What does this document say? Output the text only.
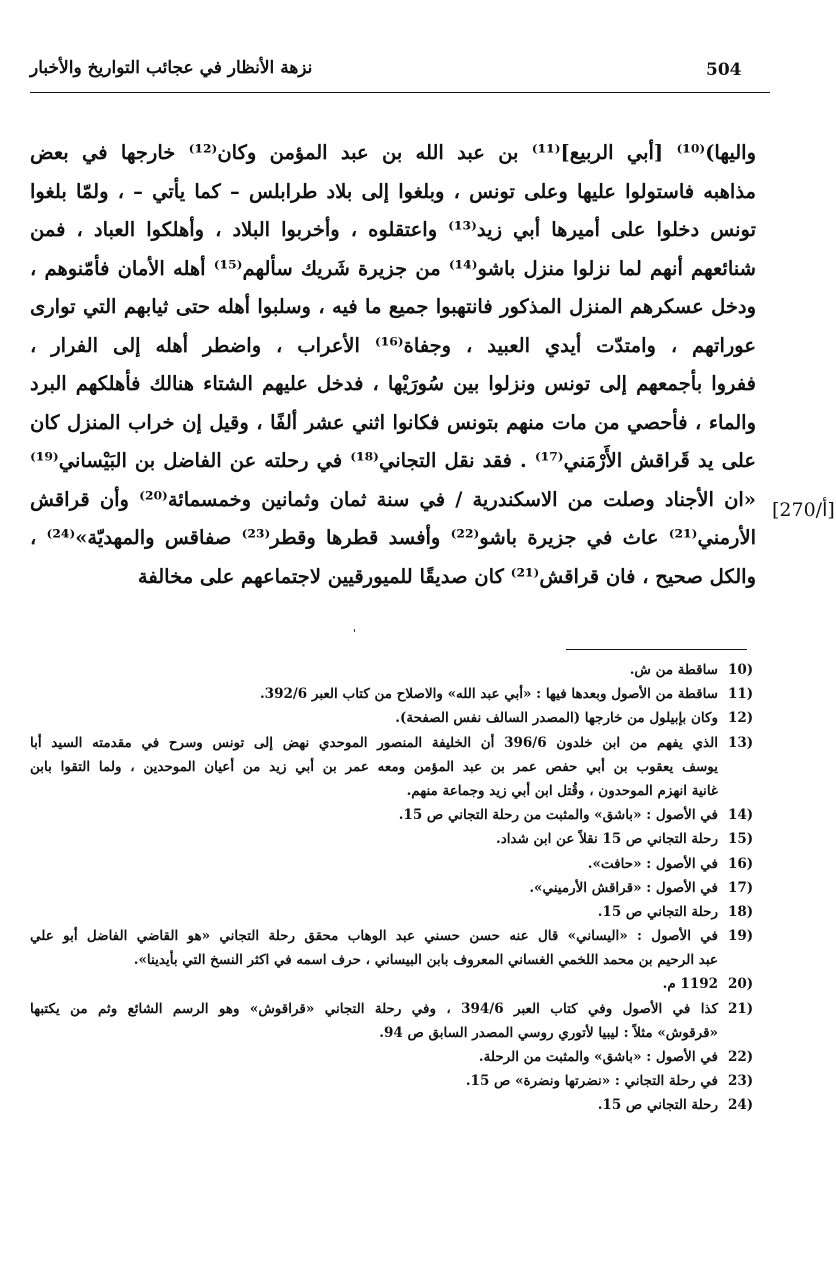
504
نزهة الأنظار في عجائب التواريخ والأخبار
[270/أ]
واليها)⁽¹⁰⁾ [أبي الربيع]⁽¹¹⁾ بن عبد الله بن عبد المؤمن وكان⁽¹²⁾ خارجها في بعض
مذاهبه فاستولوا عليها وعلى تونس ، وبلغوا إلى بلاد طرابلس – كما يأتي – ، ولمّا بلغوا
تونس دخلوا على أميرها أبي زيد⁽¹³⁾ واعتقلوه ، وأخربوا البلاد ، وأهلكوا العباد ، فمن
شنائعهم أنهم لما نزلوا منزل باشو⁽¹⁴⁾ من جزيرة شَريك سألهم⁽¹⁵⁾ أهله الأمان فأمّنوهم ،
ودخل عسكرهم المنزل المذكور فانتهبوا جميع ما فيه ، وسلبوا أهله حتى ثيابهم التي توارى
عوراتهم ، وامتدّت أيدي العبيد ، وجفاة⁽¹⁶⁾ الأعراب ، واضطر أهله إلى الفرار ،
ففروا بأجمعهم إلى تونس ونزلوا بين سُورَيْها ، فدخل عليهم الشتاء هنالك فأهلكهم البرد
والماء ، فأحصي من مات منهم بتونس فكانوا اثني عشر ألفًا ، وقيل إن خراب المنزل كان
على يد قَراقش الأَرْمَني⁽¹⁷⁾ . فقد نقل التجاني⁽¹⁸⁾ في رحلته عن الفاضل بن البَيْساني⁽¹⁹⁾
«ان الأجناد وصلت من الاسكندرية / في سنة ثمان وثمانين وخمسمائة⁽²⁰⁾ وأن قراقش
الأرمني⁽²¹⁾ عاث في جزيرة باشو⁽²²⁾ وأفسد قطرها وقطر⁽²³⁾ صفاقس والمهديّة»⁽²⁴⁾ ،
والكل صحيح ، فان قراقش⁽²¹⁾ كان صديقًا للميورقيين لاجتماعهم على مخالفة
'
10)
ساقطة من ش.
11)
ساقطة من الأصول وبعدها فيها : «أبي عبد الله» والاصلاح من كتاب العبر 392/6.
12)
وكان بإبيلول من خارجها (المصدر السالف نفس الصفحة).
13)
الذي يفهم من ابن خلدون 396/6 أن الخليفة المنصور الموحدي نهض إلى تونس وسرح في مقدمته السيد أبا
يوسف يعقوب بن أبي حفص عمر بن عبد المؤمن ومعه عمر بن أبي زيد من أعيان الموحدين ، ولما التقوا بابن
غانية انهزم الموحدون ، وقُتل ابن أبي زيد وجماعة منهم.
14)
في الأصول : «باشق» والمثبت من رحلة التجاني ص 15.
15)
رحلة التجاني ص 15 نقلاً عن ابن شداد.
16)
في الأصول : «حافت».
17)
في الأصول : «قراقش الأرميني».
18)
رحلة التجاني ص 15.
19)
في الأصول : «اليساني» قال عنه حسن حسني عبد الوهاب محقق رحلة التجاني «هو القاضي الفاضل أبو علي
عبد الرحيم بن محمد اللخمي الغساني المعروف بابن البيساني ، حرف اسمه في اكثر النسخ التي بأيدينا».
20)
1192 م.
21)
كذا في الأصول وفي كتاب العبر 394/6 ، وفي رحلة التجاني «قراقوش» وهو الرسم الشائع وثم من يكتبها
«قرقوش» مثلاً : ليبيا لأتوري روسي المصدر السابق ص 94.
22)
في الأصول : «باشق» والمثبت من الرحلة.
23)
في رحلة التجاني : «نضرتها ونضرة» ص 15.
24)
رحلة التجاني ص 15.
